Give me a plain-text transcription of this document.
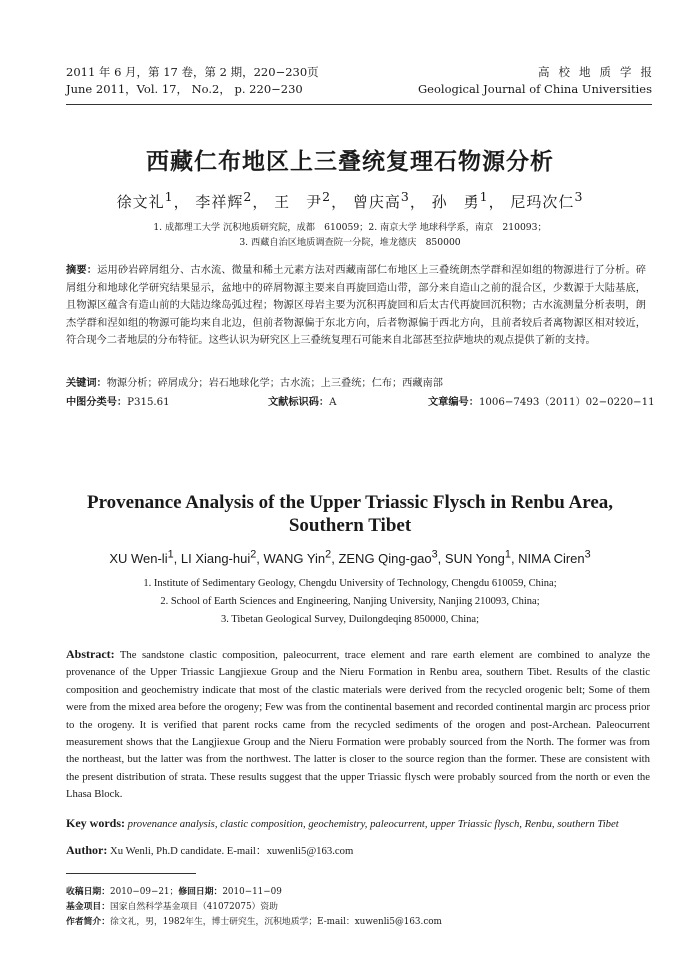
2011 年 6 月，第 17 卷，第 2 期，220−230页
June 2011，Vol. 17， No.2， p. 220−230
高校地质学报
Geological Journal of China Universities
西藏仁布地区上三叠统复理石物源分析
徐文礼$^1$， 李祥辉$^2$， 王　尹$^2$， 曾庆高$^3$， 孙　勇$^1$， 尼玛次仁$^3$
1. 成都理工大学 沉积地质研究院，成都　610059；2. 南京大学 地球科学系，南京　210093；
3. 西藏自治区地质调查院一分院，堆龙德庆　850000
摘要：运用砂岩碎屑组分、古水流、微量和稀土元素方法对西藏南部仁布地区上三叠统朗杰学群和涅如组的物源进行了分析。碎屑组分和地球化学研究结果显示，盆地中的碎屑物源主要来自再旋回造山带，部分来自造山之前的混合区，少数源于大陆基底，且物源区蕴含有造山前的大陆边缘岛弧过程；物源区母岩主要为沉积再旋回和后太古代再旋回沉积物；古水流测量分析表明，朗杰学群和涅如组的物源可能均来自北边，但前者物源偏于东北方向，后者物源偏于西北方向，且前者较后者离物源区相对较近，符合现今二者地层的分布特征。这些认识为研究区上三叠统复理石可能来自北部甚至拉萨地块的观点提供了新的支持。
关键词：物源分析；碎屑成分；岩石地球化学；古水流；上三叠统；仁布；西藏南部
中图分类号：P315.61	文献标识码：A	文章编号：1006−7493（2011）02−0220−11
Provenance Analysis of the Upper Triassic Flysch in Renbu Area,
Southern Tibet
XU Wen-$li^1$, LI Xiang-hui$^2$, WANG Yin$^2$, ZENG Qing-gao$^3$, SUN Yong$^1$, NIMA Ciren$^3$
1. Institute of Sedimentary Geology, Chengdu University of Technology, Chengdu 610059, China;
2. School of Earth Sciences and Engineering, Nanjing University, Nanjing 210093, China;
3. Tibetan Geological Survey, Duilongdeqing 850000, China;
Abstract: The sandstone clastic composition, paleocurrent, trace element and rare earth element are combined to analyze the provenance of the Upper Triassic Langjiexue Group and the Nieru Formation in Renbu area, southern Tibet. Results of the clastic composition and geochemistry indicate that most of the clastic materials were derived from the recycled orogenic belt; Some of them were from the mixed area before the orogeny; Few was from the continental basement and recorded continental margin arc process prior to the orogeny. It is verified that parent rocks came from the recycled sediments of the orogen and post-Archean. Paleocurrent measurement shows that the Langjiexue Group and the Nieru Formation were probably sourced from the North. The former was from the northeast, but the latter was from the northwest. The latter is closer to the source region than the former. These are consistent with the present distribution of strata. These results suggest that the upper Triassic flysch were probably sourced from the north or even the Lhasa Block.
Key words: provenance analysis, clastic composition, geochemistry, paleocurrent, upper Triassic flysch, Renbu, southern Tibet
Author: Xu Wenli, Ph.D candidate. E-mail：xuwenli5@163.com
收稿日期：2010−09−21；修回日期：2010−11−09
基金项目：国家自然科学基金项目（41072075）资助
作者简介：徐文礼，男，1982年生，博士研究生，沉积地质学；E-mail：xuwenli5@163.com
